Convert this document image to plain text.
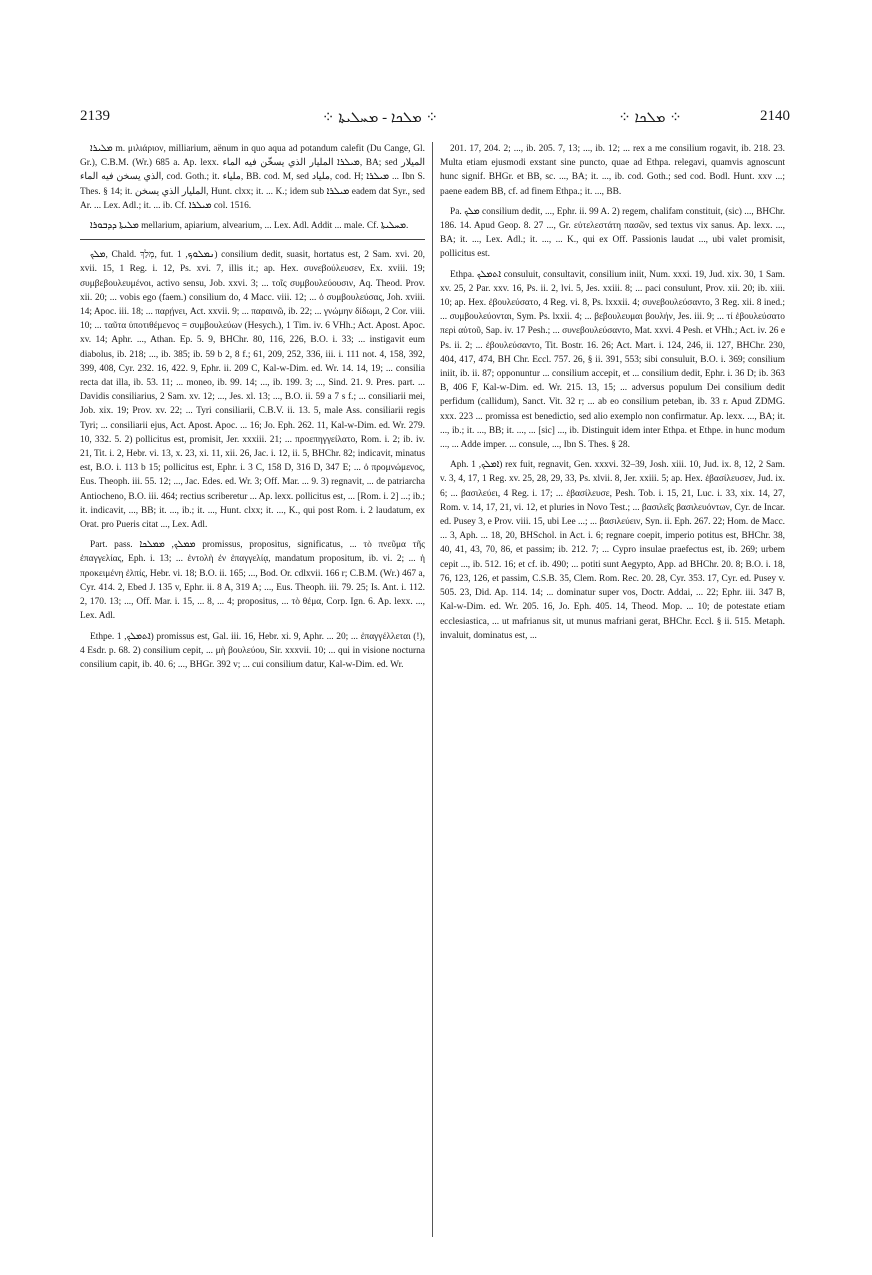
2139	⁘ ܡܠܟܐ - ܡܚܠܝܬܐ ⁘	⁘ ܡܠܟܐ ⁘	2140

ܡܠܝܪܐ m. μιλιάριον, milliarium, aënum in quo aqua ad potandum calefit (Du Cange, Gl. Gr.), C.B.M. (Wr.) 685 a. Ap. lexx. ܡܝܠܪܐ المليار الذي يسخّن فيه الماء, BA; sed الميلار الذي يسخن فيه الماء, cod. Goth.; it. ملياء, BB. cod. M, sed ملياد, cod. H; ܡܝܠܪܐ ... Ibn S. Thes. § 14; it. المليار الذي يسخن, Hunt. clxx; it. ... K.; idem sub ܡܝܠܪܐ eadem dat Syr., sed Ar. ... Lex. Adl.; it. ... ib. Cf. ܡܝܠܪܐ col. 1516.

ܡܠܝܬܐ ܕܕܒܘܪܐ mellarium, apiarium, alvearium, ... Lex. Adl. Addit ... male. Cf. ܡܚܠܝܬܐ.

ܡܠܟ, Chald. מְלַךְ, fut. ܢܡܠܘܟ, 1) consilium dedit, suasit, hortatus est, 2 Sam. xvi. 20, xvii. 15, 1 Reg. i. 12, Ps. xvi. 7, illis it.; ap. Hex. συνεβούλευσεν, Ex. xviii. 19; συμβεβουλευμένοι, activo sensu, Job. xxvi. 3; ... τοῖς συμβουλεύουσιν, Aq. Theod. Prov. xii. 20; ... vobis ego (faem.) consilium do, 4 Macc. viii. 12; ... ὁ συμβουλεύσας, Joh. xviii. 14; Apoc. iii. 18; ... παρῄνει, Act. xxvii. 9; ... παραινῶ, ib. 22; ... γνώμην δίδωμι, 2 Cor. viii. 10; ... ταῦτα ὑποτιθέμενος = συμβουλεύων (Hesych.), 1 Tim. iv. 6 VHh.; Act. Apost. Apoc. xv. 14; Aphr. ..., Athan. Ep. 5. 9, BHChr. 80, 116, 226, B.O. i. 33; ... instigavit eum diabolus, ib. 218; ..., ib. 385; ib. 59 b 2, 8 f.; 61, 209, 252, 336, iii. i. 111 not. 4, 158, 392, 399, 408, Cyr. 232. 16, 422. 9, Ephr. ii. 209 C, Kal-w-Dim. ed. Wr. 14. 14, 19; ... consilia recta dat illa, ib. 53. 11; ... moneo, ib. 99. 14; ..., ib. 199. 3; ..., Sind. 21. 9. Pres. part. ... Davidis consiliarius, 2 Sam. xv. 12; ..., Jes. xl. 13; ..., B.O. ii. 59 a 7 s f.; ... consiliarii mei, Job. xix. 19; Prov. xv. 22; ... Tyri consiliarii, C.B.V. ii. 13. 5, male Ass. consiliarii regis Tyri; ... consiliarii ejus, Act. Apost. Apoc. ... 16; Jo. Eph. 262. 11, Kal-w-Dim. ed. Wr. 279. 10, 332. 5. 2) pollicitus est, promisit, Jer. xxxiii. 21; ... προεπηγγείλατο, Rom. i. 2; ib. iv. 21, Tit. i. 2, Hebr. vi. 13, x. 23, xi. 11, xii. 26, Jac. i. 12, ii. 5, BHChr. 82; indicavit, minatus est, B.O. i. 113 b 15; pollicitus est, Ephr. i. 3 C, 158 D, 316 D, 347 E; ... ὁ προμνώμενος, Eus. Theoph. iii. 55. 12; ..., Jac. Edes. ed. Wr. 3; Off. Mar. ... 9. 3) regnavit, ... de patriarcha Antiocheno, B.O. iii. 464; rectius scriberetur ... Ap. lexx. pollicitus est, ... [Rom. i. 2] ...; ib.; it. indicavit, ..., BB; it. ..., ib.; it. ..., Hunt. clxx; it. ..., K., qui post Rom. i. 2 laudatum, ex Orat. pro Pueris citat ..., Lex. Adl.

Part. pass. ܡܡܠܟ, ܡܡܠܟܐ promissus, propositus, significatus, ... τὸ πνεῦμα τῆς ἐπαγγελίας, Eph. i. 13; ... ἐντολὴ ἐν ἐπαγγελίᾳ, mandatum propositum, ib. vi. 2; ... ἡ προκειμένη ἐλπίς, Hebr. vi. 18; B.O. ii. 165; ..., Bod. Or. cdlxvii. 166 r; C.B.M. (Wr.) 467 a, Cyr. 414. 2, Ebed J. 135 v, Ephr. ii. 8 A, 319 A; ..., Eus. Theoph. iii. 79. 25; Is. Ant. i. 112. 2, 170. 13; ..., Off. Mar. i. 15, ... 8, ... 4; propositus, ... τὸ θέμα, Corp. Ign. 6. Ap. lexx. ..., Lex. Adl.

Ethpe. ܐܬܡܠܟ, 1) promissus est, Gal. iii. 16, Hebr. xi. 9, Aphr. ... 20; ... ἐπαγγέλλεται (!), 4 Esdr. p. 68. 2) consilium cepit, ... μὴ βουλεύου, Sir. xxxvii. 10; ... qui in visione nocturna consilium capit, ib. 40. 6; ..., BHGr. 392 v; ... cui consilium datur, Kal-w-Dim. ed. Wr.

201. 17, 204. 2; ..., ib. 205. 7, 13; ..., ib. 12; ... rex a me consilium rogavit, ib. 218. 23. Multa etiam ejusmodi exstant sine puncto, quae ad Ethpa. relegavi, quamvis agnoscunt hunc signif. BHGr. et BB, sc. ..., BA; it. ..., ib. cod. Goth.; sed cod. Bodl. Hunt. xxv ...; paene eadem BB, cf. ad finem Ethpa.; it. ..., BB.

Pa. ܡܠܟ consilium dedit, ..., Ephr. ii. 99 A. 2) regem, chalifam constituit, (sic) ..., BHChr. 186. 14. Apud Geop. 8. 27 ..., Gr. εὐτελεστάτη πασῶν, sed textus vix sanus. Ap. lexx. ..., BA; it. ..., Lex. Adl.; it. ..., ... K., qui ex Off. Passionis laudat ..., ubi valet promisit, pollicitus est.

Ethpa. ܐܬܡܠܟ consuluit, consultavit, consilium iniit, Num. xxxi. 19, Jud. xix. 30, 1 Sam. xv. 25, 2 Par. xxv. 16, Ps. ii. 2, lvi. 5, Jes. xxiii. 8; ... paci consulunt, Prov. xii. 20; ib. xiii. 10; ap. Hex. ἐβουλεύσατο, 4 Reg. vi. 8, Ps. lxxxii. 4; συνεβουλεύσαντο, 3 Reg. xii. 8 ined.; ... συμβουλεύονται, Sym. Ps. lxxii. 4; ... βεβουλευμαι βουλήν, Jes. iii. 9; ... τί ἐβουλεύσατο περὶ αὐτοῦ, Sap. iv. 17 Pesh.; ... συνεβουλεύσαντο, Mat. xxvi. 4 Pesh. et VHh.; Act. iv. 26 e Ps. ii. 2; ... ἐβουλεύσαντο, Tit. Bostr. 16. 26; Act. Mart. i. 124, 246, ii. 127, BHChr. 230, 404, 417, 474, BH Chr. Eccl. 757. 26, § ii. 391, 553; sibi consuluit, B.O. i. 369; consilium iniit, ib. ii. 87; opponuntur ... consilium accepit, et ... consilium dedit, Ephr. i. 36 D; ib. 363 B, 406 F, Kal-w-Dim. ed. Wr. 215. 13, 15; ... adversus populum Dei consilium dedit perfidum (callidum), Sanct. Vit. 32 r; ... ab eo consilium peteban, ib. 33 r. Apud ZDMG. xxx. 223 ... promissa est benedictio, sed alio exemplo non confirmatur. Ap. lexx. ..., BA; it. ..., ib.; it. ..., BB; it. ..., ... [sic] ..., ib. Distinguit idem inter Ethpa. et Ethpe. in hunc modum ..., ... Adde imper. ... consule, ..., Ibn S. Thes. § 28.

Aph. ܐܡܠܟ, 1) rex fuit, regnavit, Gen. xxxvi. 32–39, Josh. xiii. 10, Jud. ix. 8, 12, 2 Sam. v. 3, 4, 17, 1 Reg. xv. 25, 28, 29, 33, Ps. xlvii. 8, Jer. xxiii. 5; ap. Hex. ἐβασίλευσεν, Jud. ix. 6; ... βασιλεύει, 4 Reg. i. 17; ... ἐβασίλευσε, Pesh. Tob. i. 15, 21, Luc. i. 33, xix. 14, 27, Rom. v. 14, 17, 21, vi. 12, et pluries in Novo Test.; ... βασιλεῖς βασιλευόντων, Cyr. de Incar. ed. Pusey 3, e Prov. viii. 15, ubi Lee ...; ... βασιλεύειν, Syn. ii. Eph. 267. 22; Hom. de Macc. ... 3, Aph. ... 18, 20, BHSchol. in Act. i. 6; regnare coepit, imperio potitus est, BHChr. 38, 40, 41, 43, 70, 86, et passim; ib. 212. 7; ... Cypro insulae praefectus est, ib. 269; urbem cepit ..., ib. 512. 16; et cf. ib. 490; ... potiti sunt Aegypto, App. ad BHChr. 20. 8; B.O. i. 18, 76, 123, 126, et passim, C.S.B. 35, Clem. Rom. Rec. 20. 28, Cyr. 353. 17, Cyr. ed. Pusey v. 505. 23, Did. Ap. 114. 14; ... dominatur super vos, Doctr. Addai, ... 22; Ephr. iii. 347 B, Kal-w-Dim. ed. Wr. 205. 16, Jo. Eph. 405. 14, Theod. Mop. ... 10; de potestate etiam ecclesiastica, ... ut mafrianus sit, ut munus mafriani gerat, BHChr. Eccl. § ii. 515. Metaph. invaluit, dominatus est, ...
